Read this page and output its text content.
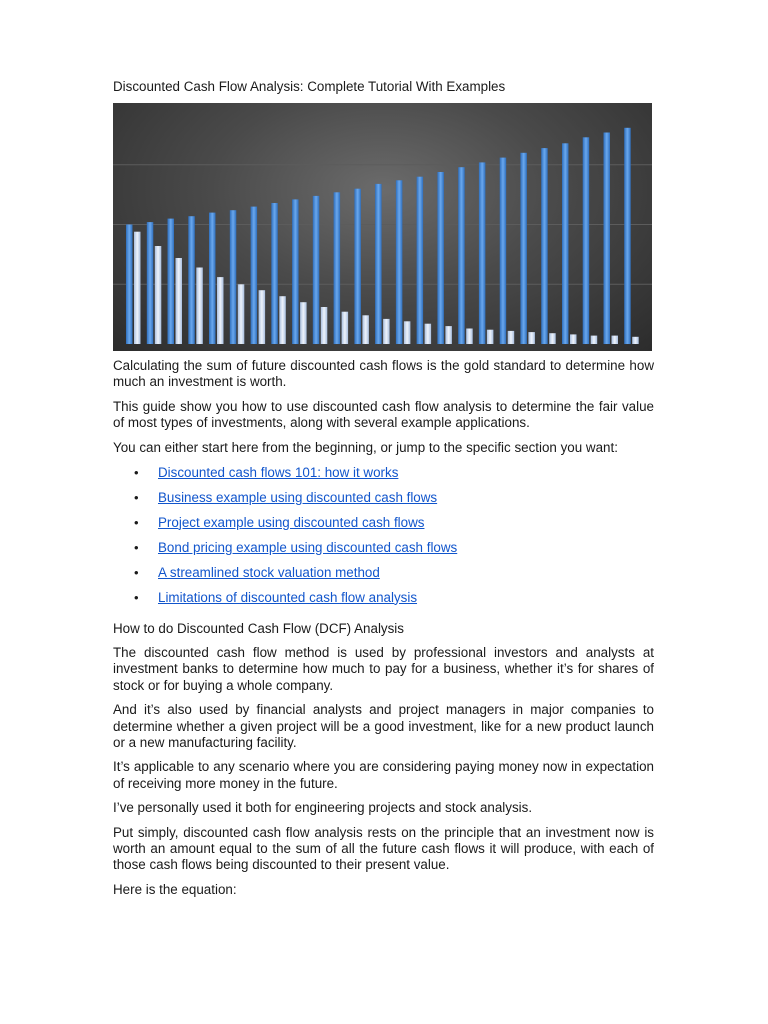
Discounted Cash Flow Analysis: Complete Tutorial With Examples

Calculating the sum of future discounted cash flows is the gold standard to determine how much an investment is worth.

This guide show you how to use discounted cash flow analysis to determine the fair value of most types of investments, along with several example applications.

You can either start here from the beginning, or jump to the specific section you want:

• Discounted cash flows 101: how it works
• Business example using discounted cash flows
• Project example using discounted cash flows
• Bond pricing example using discounted cash flows
• A streamlined stock valuation method
• Limitations of discounted cash flow analysis

How to do Discounted Cash Flow (DCF) Analysis

The discounted cash flow method is used by professional investors and analysts at investment banks to determine how much to pay for a business, whether it’s for shares of stock or for buying a whole company.

And it’s also used by financial analysts and project managers in major companies to determine whether a given project will be a good investment, like for a new product launch or a new manufacturing facility.

It’s applicable to any scenario where you are considering paying money now in expectation of receiving more money in the future.

I’ve personally used it both for engineering projects and stock analysis.

Put simply, discounted cash flow analysis rests on the principle that an investment now is worth an amount equal to the sum of all the future cash flows it will produce, with each of those cash flows being discounted to their present value.

Here is the equation:
